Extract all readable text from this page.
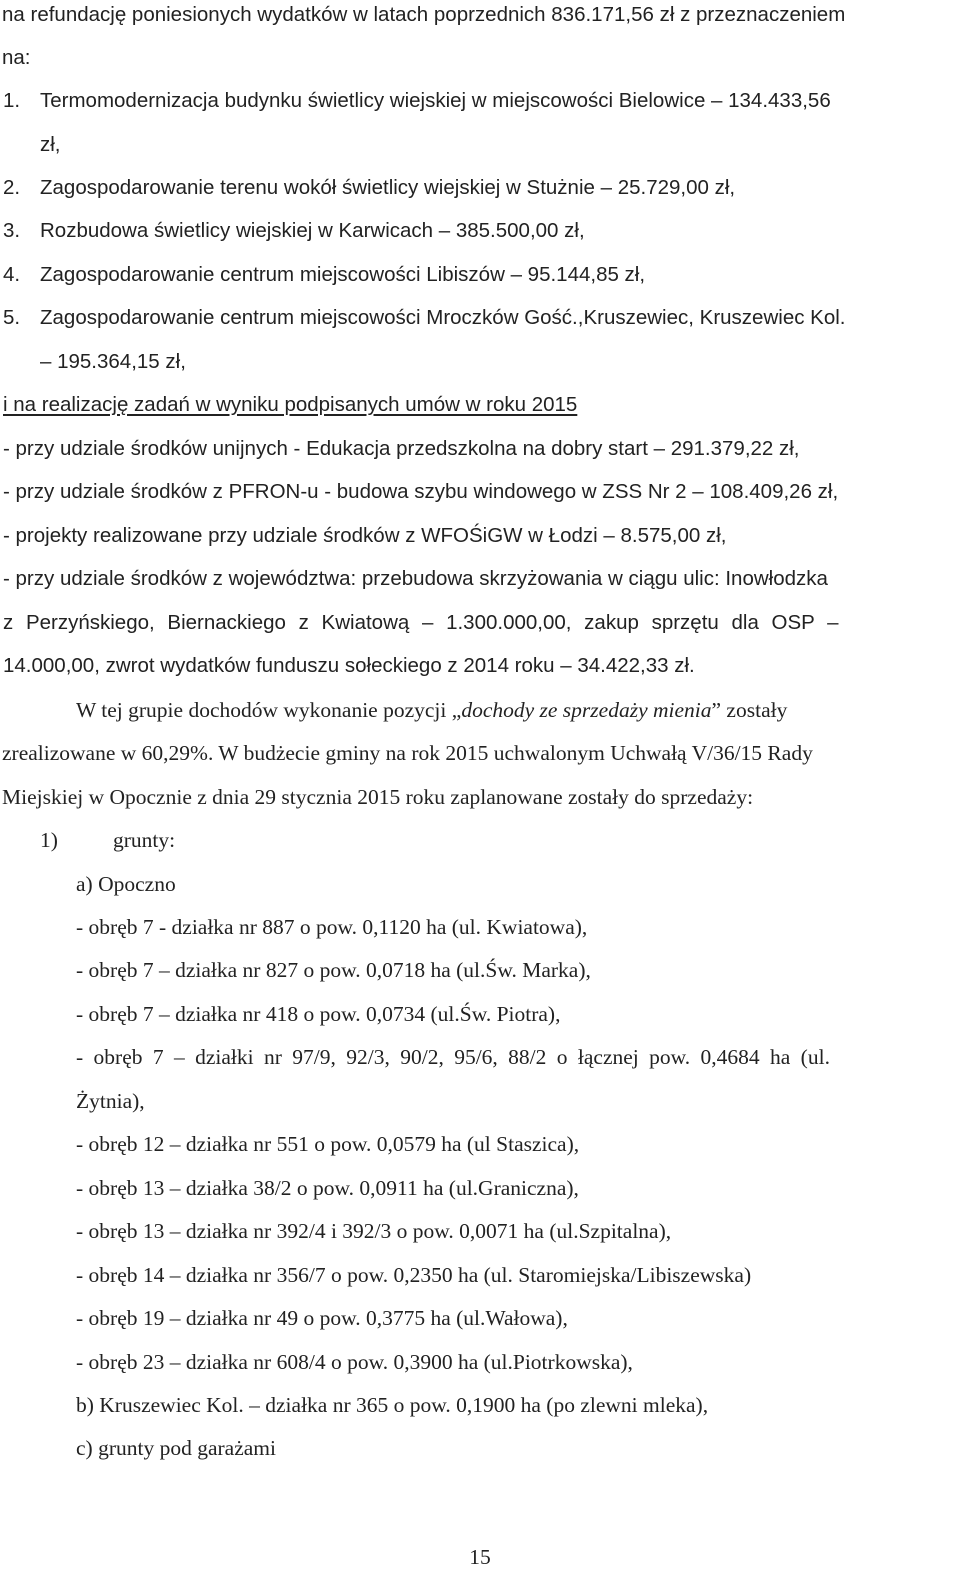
na refundację poniesionych wydatków w latach poprzednich 836.171,56 zł z przeznaczeniem
na:
1. Termomodernizacja budynku świetlicy wiejskiej w miejscowości Bielowice – 134.433,56
zł,
2. Zagospodarowanie terenu wokół świetlicy wiejskiej w Stużnie – 25.729,00 zł,
3. Rozbudowa świetlicy wiejskiej w Karwicach – 385.500,00 zł,
4. Zagospodarowanie centrum miejscowości Libiszów – 95.144,85 zł,
5. Zagospodarowanie centrum miejscowości Mroczków Gość.,Kruszewiec, Kruszewiec Kol.
– 195.364,15 zł,
i na realizację zadań w wyniku podpisanych umów w roku 2015
- przy udziale środków unijnych - Edukacja przedszkolna na dobry start – 291.379,22 zł,
- przy udziale środków z PFRON-u - budowa szybu windowego w ZSS Nr 2 – 108.409,26 zł,
- projekty realizowane przy udziale środków z WFOŚiGW w Łodzi – 8.575,00 zł,
- przy udziale środków z województwa: przebudowa skrzyżowania w ciągu ulic: Inowłodzka
z Perzyńskiego, Biernackiego z Kwiatową – 1.300.000,00, zakup sprzętu dla OSP –
14.000,00, zwrot wydatków funduszu sołeckiego z 2014 roku – 34.422,33 zł.
W tej grupie dochodów wykonanie pozycji „dochody ze sprzedaży mienia” zostały
zrealizowane w 60,29%. W budżecie gminy na rok 2015 uchwalonym Uchwałą V/36/15 Rady
Miejskiej w Opocznie z dnia 29 stycznia 2015 roku zaplanowane zostały do sprzedaży:
1)	grunty:
a) Opoczno
- obręb 7 - działka nr 887 o pow. 0,1120 ha (ul. Kwiatowa),
- obręb 7 – działka nr 827 o pow. 0,0718 ha (ul.Św. Marka),
- obręb 7 – działka nr 418 o pow. 0,0734 (ul.Św. Piotra),
- obręb 7 – działki nr 97/9, 92/3, 90/2, 95/6, 88/2 o łącznej pow. 0,4684 ha (ul.
Żytnia),
- obręb 12 – działka nr 551 o pow. 0,0579 ha (ul Staszica),
- obręb 13 – działka 38/2 o pow. 0,0911 ha (ul.Graniczna),
- obręb 13 – działka nr 392/4 i 392/3 o pow. 0,0071 ha (ul.Szpitalna),
- obręb 14 – działka nr 356/7 o pow. 0,2350 ha (ul. Staromiejska/Libiszewska)
- obręb 19 – działka nr 49 o pow. 0,3775 ha (ul.Wałowa),
- obręb 23 – działka nr 608/4 o pow. 0,3900 ha (ul.Piotrkowska),
b) Kruszewiec Kol. – działka nr 365 o pow. 0,1900 ha (po zlewni mleka),
c) grunty pod garażami
15
